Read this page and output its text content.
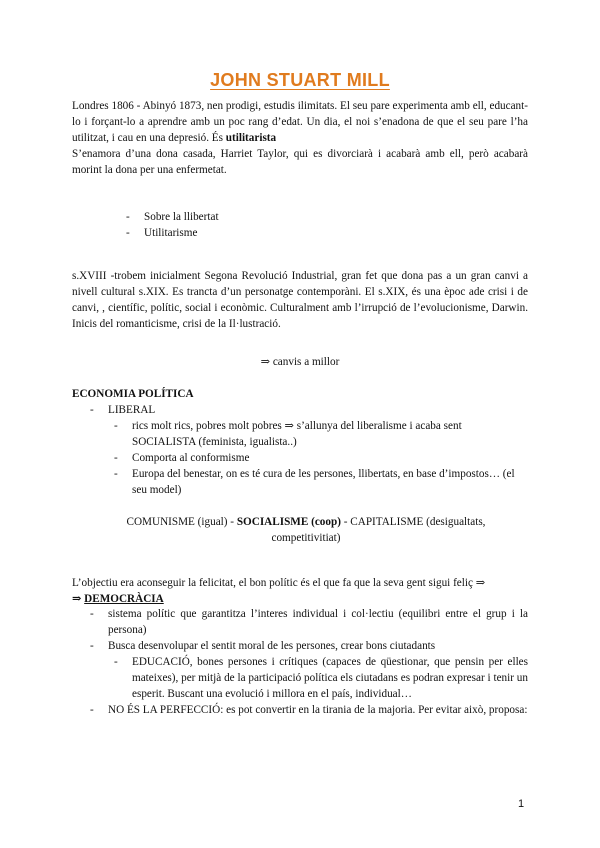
JOHN STUART MILL
Londres 1806 - Abinyó 1873, nen prodigi, estudis ilimitats. El seu pare experimenta amb ell, educant-lo i forçant-lo a aprendre amb un poc rang d’edat. Un dia, el noi s’enadona de que el seu pare l’ha utilitzat, i cau en una depresió. És utilitarista
S’enamora d’una dona casada, Harriet Taylor, qui es divorciarà i acabarà amb ell, però acabarà morint la dona per una enfermetat.
- Sobre la llibertat
- Utilitarisme
s.XVIII -trobem inicialment Segona Revolució Industrial, gran fet que dona pas a un gran canvi a nivell cultural s.XIX. Es trancta d’un personatge contemporàni. El s.XIX, és una èpoc ade crisi i de canvi, , científic, polític, social i econòmic. Culturalment amb l’irrupció de l’evolucionisme, Darwin. Inicis del romanticisme, crisi de la Il·lustració.
⇒ canvis a millor
ECONOMIA POLÍTICA
- LIBERAL
- rics molt rics, pobres molt pobres ⇒ s’allunya del liberalisme i acaba sent SOCIALISTA (feminista, igualista..)
- Comporta al conformisme
- Europa del benestar, on es té cura de les persones, llibertats, en base d’impostos… (el seu model)
COMUNISME (igual) - SOCIALISME (coop) - CAPITALISME (desigualtats, competitivitiat)
L’objectiu era aconseguir la felicitat, el bon polític és el que fa que la seva gent sigui feliç ⇒
⇒ DEMOCRÀCIA
- sistema polític que garantitza l’interes individual i col·lectiu (equilibri entre el grup i la persona)
- Busca desenvolupar el sentit moral de les persones, crear bons ciutadants
- EDUCACIÓ, bones persones i crítiques (capaces de qüestionar, que pensin per elles mateixes), per mitjà de la participació política els ciutadans es podran expresar i tenir un esperit. Buscant una evolució i millora en el país, individual…
- NO ÉS LA PERFECCIÓ: es pot convertir en la tirania de la majoria. Per evitar això, proposa:
1
